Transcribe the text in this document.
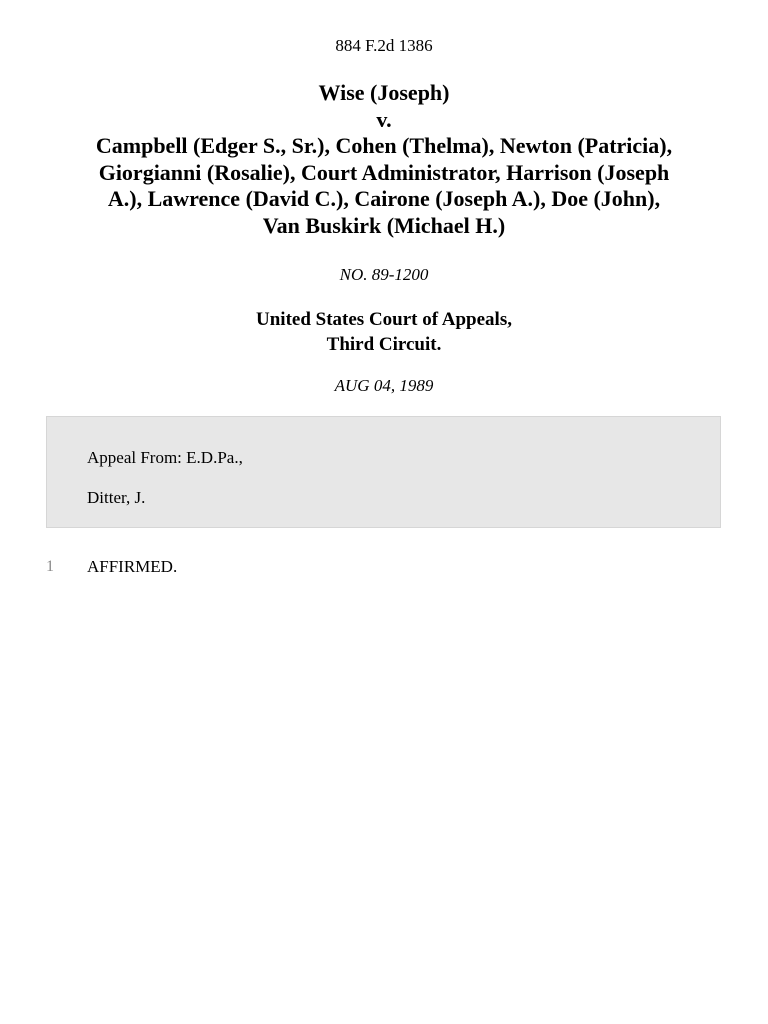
884 F.2d 1386
Wise (Joseph)
v.
Campbell (Edger S., Sr.), Cohen (Thelma), Newton (Patricia),
Giorgianni (Rosalie), Court Administrator, Harrison (Joseph
A.), Lawrence (David C.), Cairone (Joseph A.), Doe (John),
Van Buskirk (Michael H.)
NO. 89-1200
United States Court of Appeals,
Third Circuit.
AUG 04, 1989
Appeal From: E.D.Pa.,
Ditter, J.
1 AFFIRMED.
